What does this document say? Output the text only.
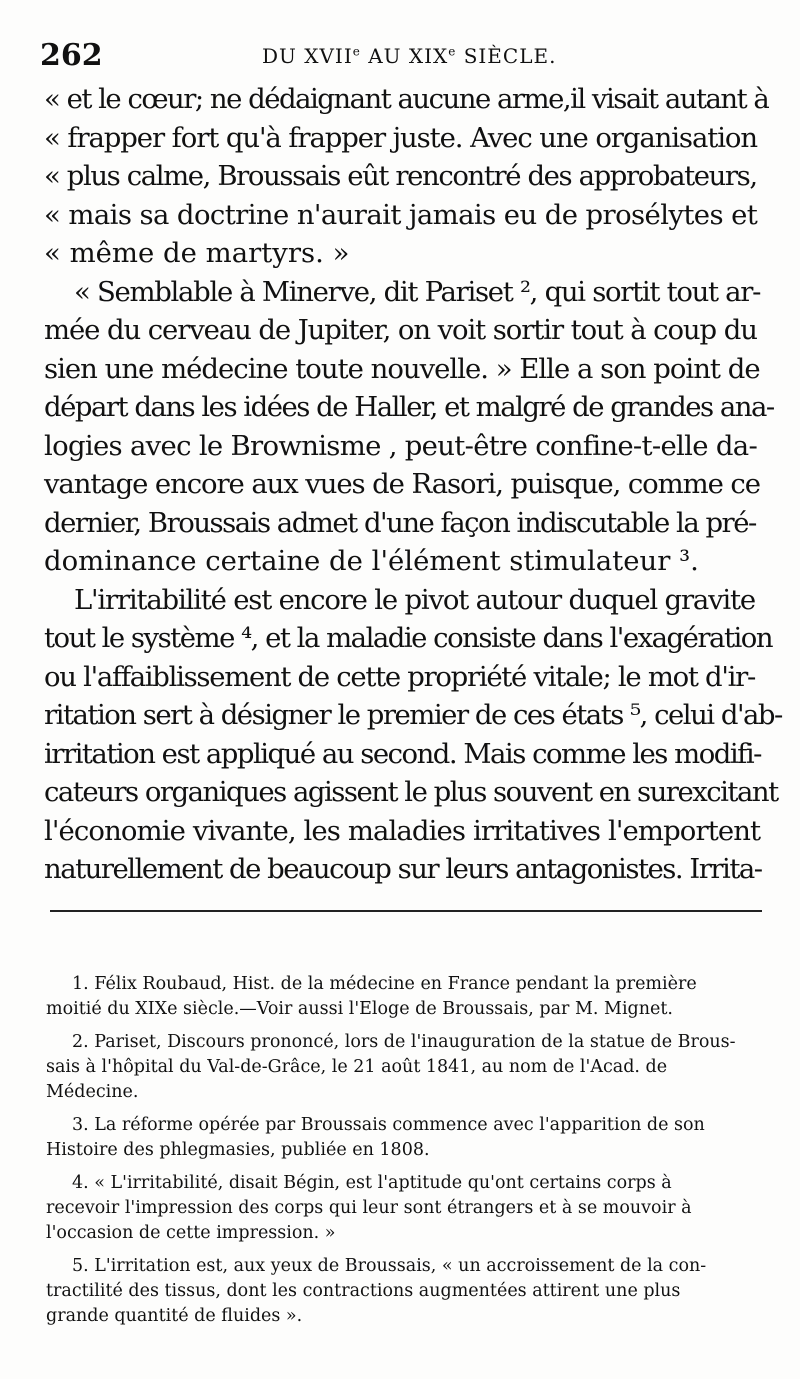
262	DU XVIIe AU XIXe SIÈCLE.
« et le cœur; ne dédaignant aucune arme,il visait autant à
« frapper fort qu'à frapper juste. Avec une organisation
« plus calme, Broussais eût rencontré des approbateurs,
« mais sa doctrine n'aurait jamais eu de prosélytes et
« même de martyrs. »
« Semblable à Minerve, dit Pariset ², qui sortit tout ar-
mée du cerveau de Jupiter, on voit sortir tout à coup du
sien une médecine toute nouvelle. » Elle a son point de
départ dans les idées de Haller, et malgré de grandes ana-
logies avec le Brownisme , peut-être confine-t-elle da-
vantage encore aux vues de Rasori, puisque, comme ce
dernier, Broussais admet d'une façon indiscutable la pré-
dominance certaine de l'élément stimulateur ³.
L'irritabilité est encore le pivot autour duquel gravite
tout le système ⁴, et la maladie consiste dans l'exagération
ou l'affaiblissement de cette propriété vitale; le mot d'ir-
ritation sert à désigner le premier de ces états ⁵, celui d'ab-
irritation est appliqué au second. Mais comme les modifi-
cateurs organiques agissent le plus souvent en surexcitant
l'économie vivante, les maladies irritatives l'emportent
naturellement de beaucoup sur leurs antagonistes. Irrita-
1. Félix Roubaud, Hist. de la médecine en France pendant la première
moitié du XIXe siècle.—Voir aussi l'Eloge de Broussais, par M. Mignet.
2. Pariset, Discours prononcé, lors de l'inauguration de la statue de Brous-
sais à l'hôpital du Val-de-Grâce, le 21 août 1841, au nom de l'Acad. de
Médecine.
3. La réforme opérée par Broussais commence avec l'apparition de son
Histoire des phlegmasies, publiée en 1808.
4. « L'irritabilité, disait Bégin, est l'aptitude qu'ont certains corps à
recevoir l'impression des corps qui leur sont étrangers et à se mouvoir à
l'occasion de cette impression. »
5. L'irritation est, aux yeux de Broussais, « un accroissement de la con-
tractilité des tissus, dont les contractions augmentées attirent une plus
grande quantité de fluides ».
